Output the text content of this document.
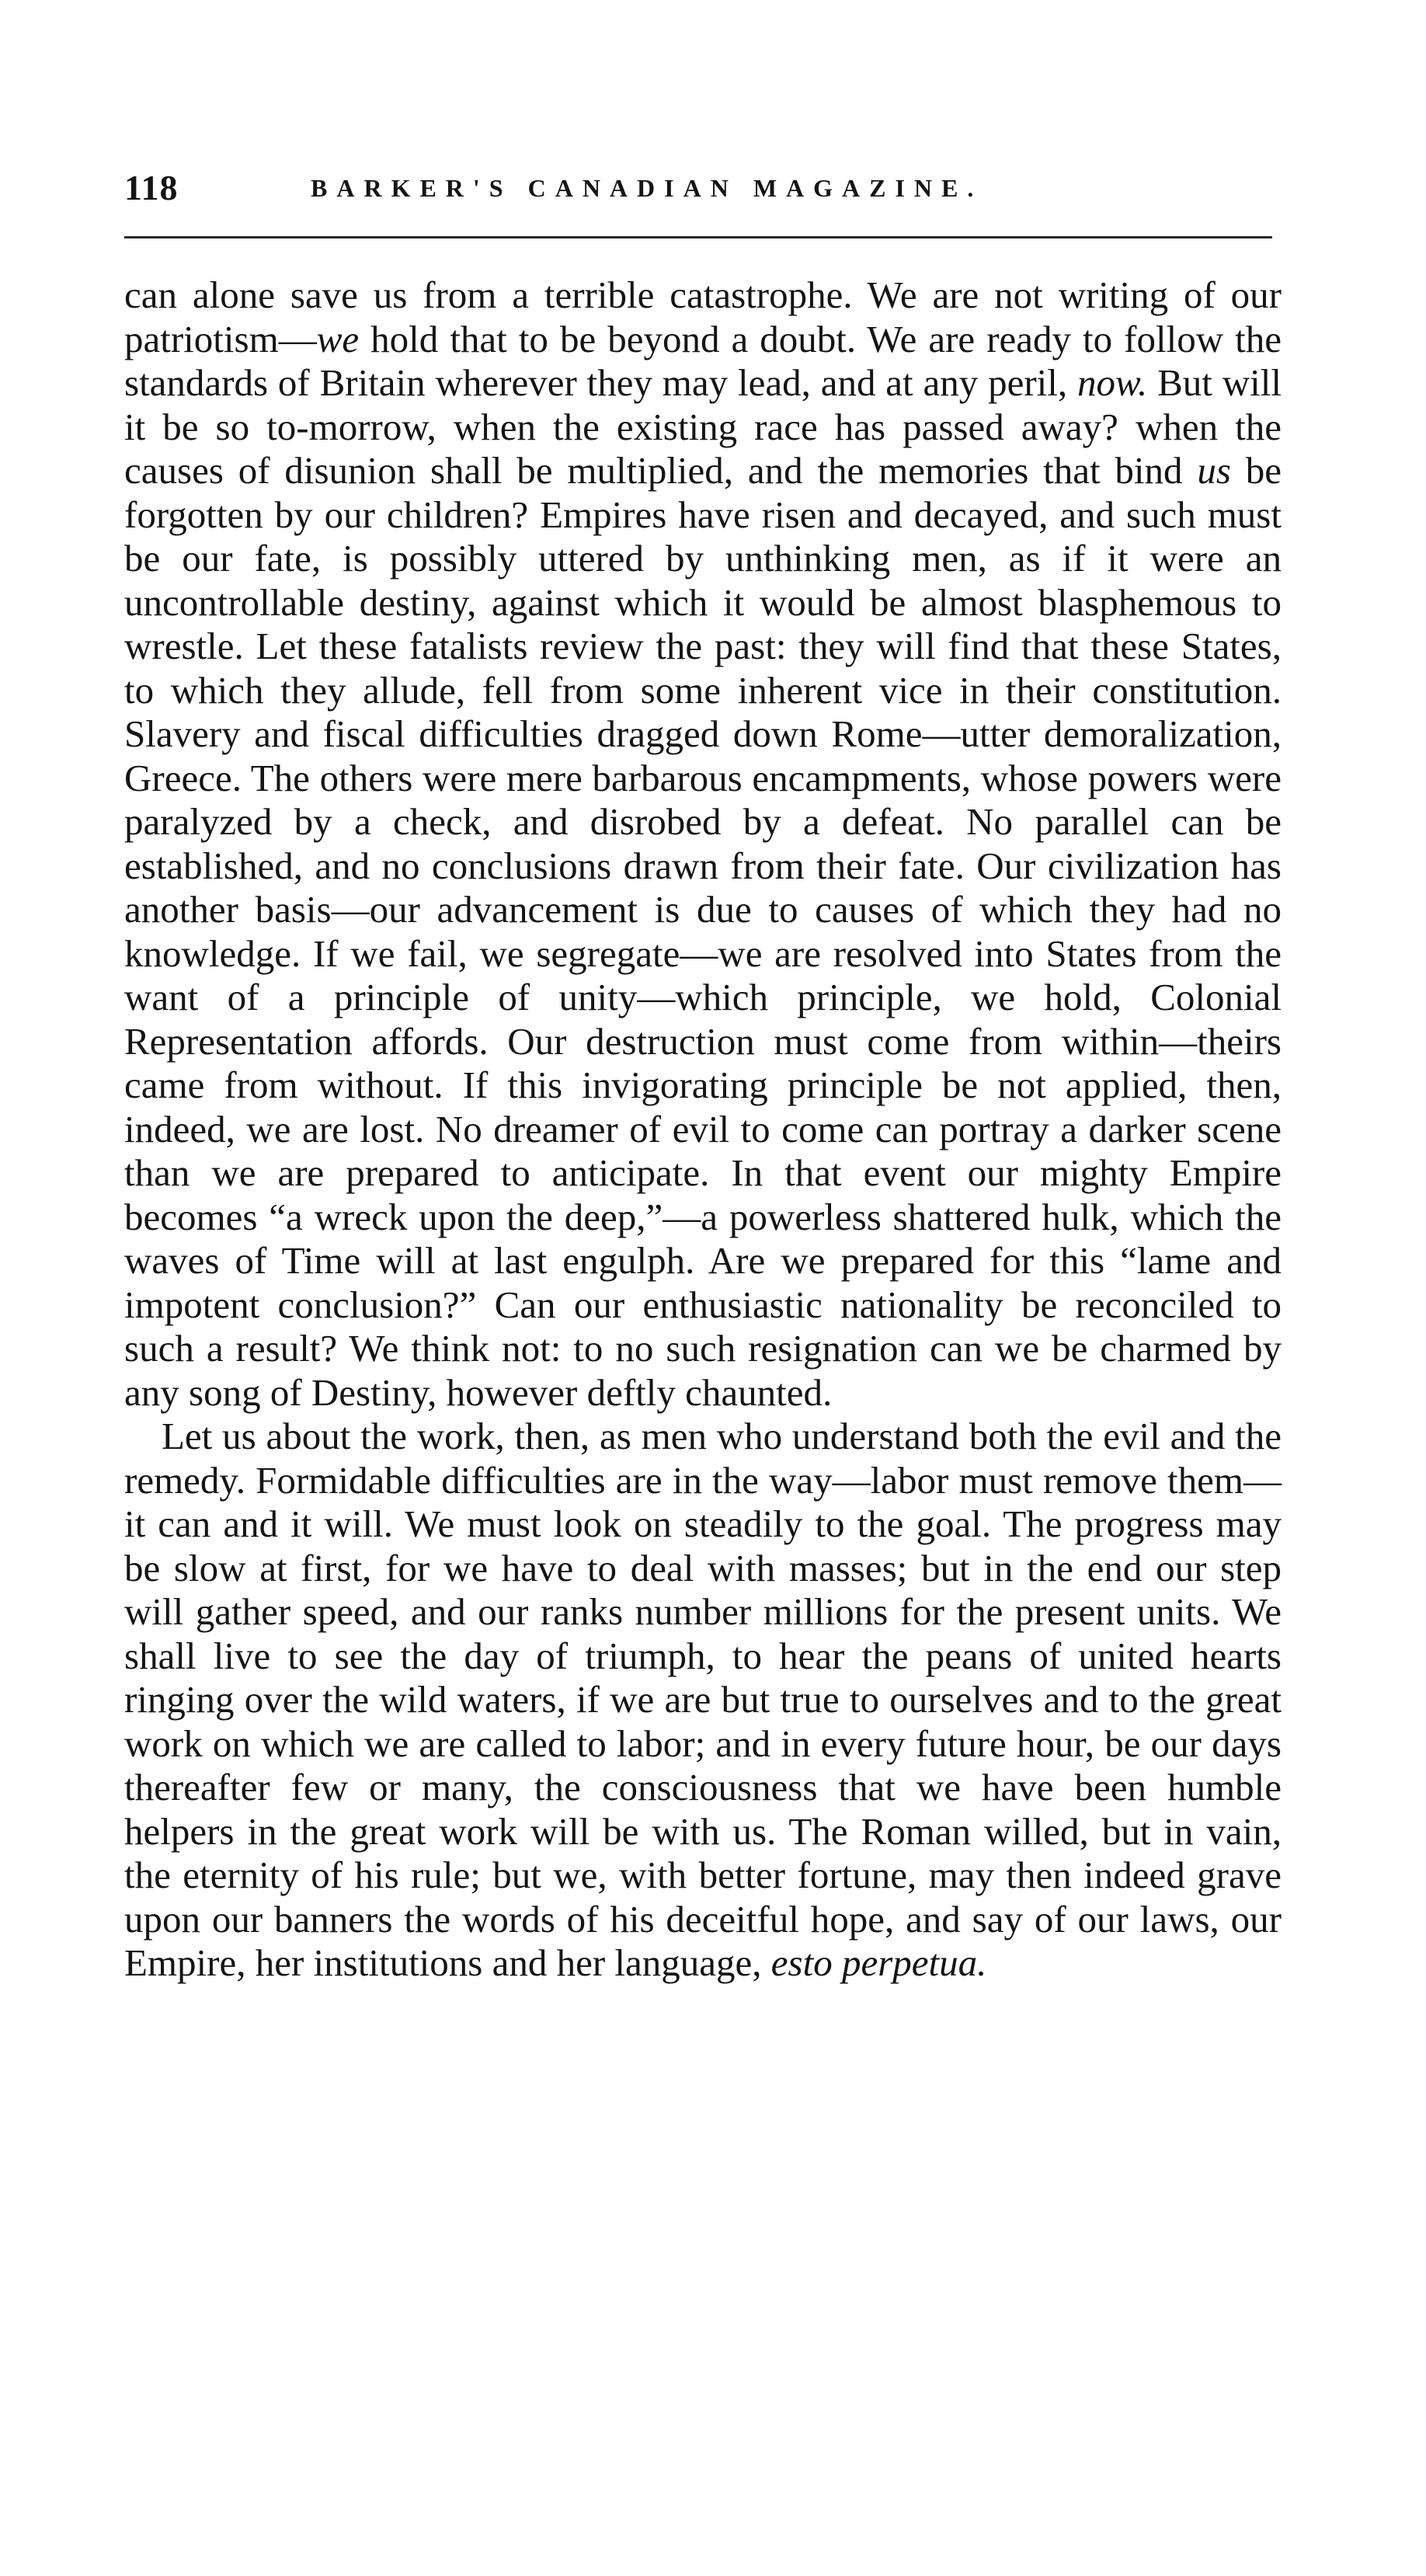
118	BARKER'S CANADIAN MAGAZINE.

can alone save us from a terrible catastrophe. We are not writing of our patriotism—we hold that to be beyond a doubt. We are ready to follow the standards of Britain wherever they may lead, and at any peril, now. But will it be so to-morrow, when the existing race has passed away? when the causes of disunion shall be multiplied, and the memories that bind us be forgotten by our children? Empires have risen and decayed, and such must be our fate, is possibly uttered by unthinking men, as if it were an uncontrollable destiny, against which it would be almost blasphemous to wrestle. Let these fatalists review the past: they will find that these States, to which they allude, fell from some inherent vice in their constitution. Slavery and fiscal difficulties dragged down Rome—utter demoralization, Greece. The others were mere barbarous encampments, whose powers were paralyzed by a check, and disrobed by a defeat. No parallel can be established, and no conclusions drawn from their fate. Our civilization has another basis—our advancement is due to causes of which they had no knowledge. If we fail, we segregate—we are resolved into States from the want of a principle of unity—which principle, we hold, Colonial Representation affords. Our destruction must come from within—theirs came from without. If this invigorating principle be not applied, then, indeed, we are lost. No dreamer of evil to come can portray a darker scene than we are prepared to anticipate. In that event our mighty Empire becomes “a wreck upon the deep,”—a powerless shattered hulk, which the waves of Time will at last engulph. Are we prepared for this “lame and impotent conclusion?” Can our enthusiastic nationality be reconciled to such a result? We think not: to no such resignation can we be charmed by any song of Destiny, however deftly chaunted.

Let us about the work, then, as men who understand both the evil and the remedy. Formidable difficulties are in the way—labor must remove them—it can and it will. We must look on steadily to the goal. The progress may be slow at first, for we have to deal with masses; but in the end our step will gather speed, and our ranks number millions for the present units. We shall live to see the day of triumph, to hear the peans of united hearts ringing over the wild waters, if we are but true to ourselves and to the great work on which we are called to labor; and in every future hour, be our days thereafter few or many, the consciousness that we have been humble helpers in the great work will be with us. The Roman willed, but in vain, the eternity of his rule; but we, with better fortune, may then indeed grave upon our banners the words of his deceitful hope, and say of our laws, our Empire, her institutions and her language, esto perpetua.
